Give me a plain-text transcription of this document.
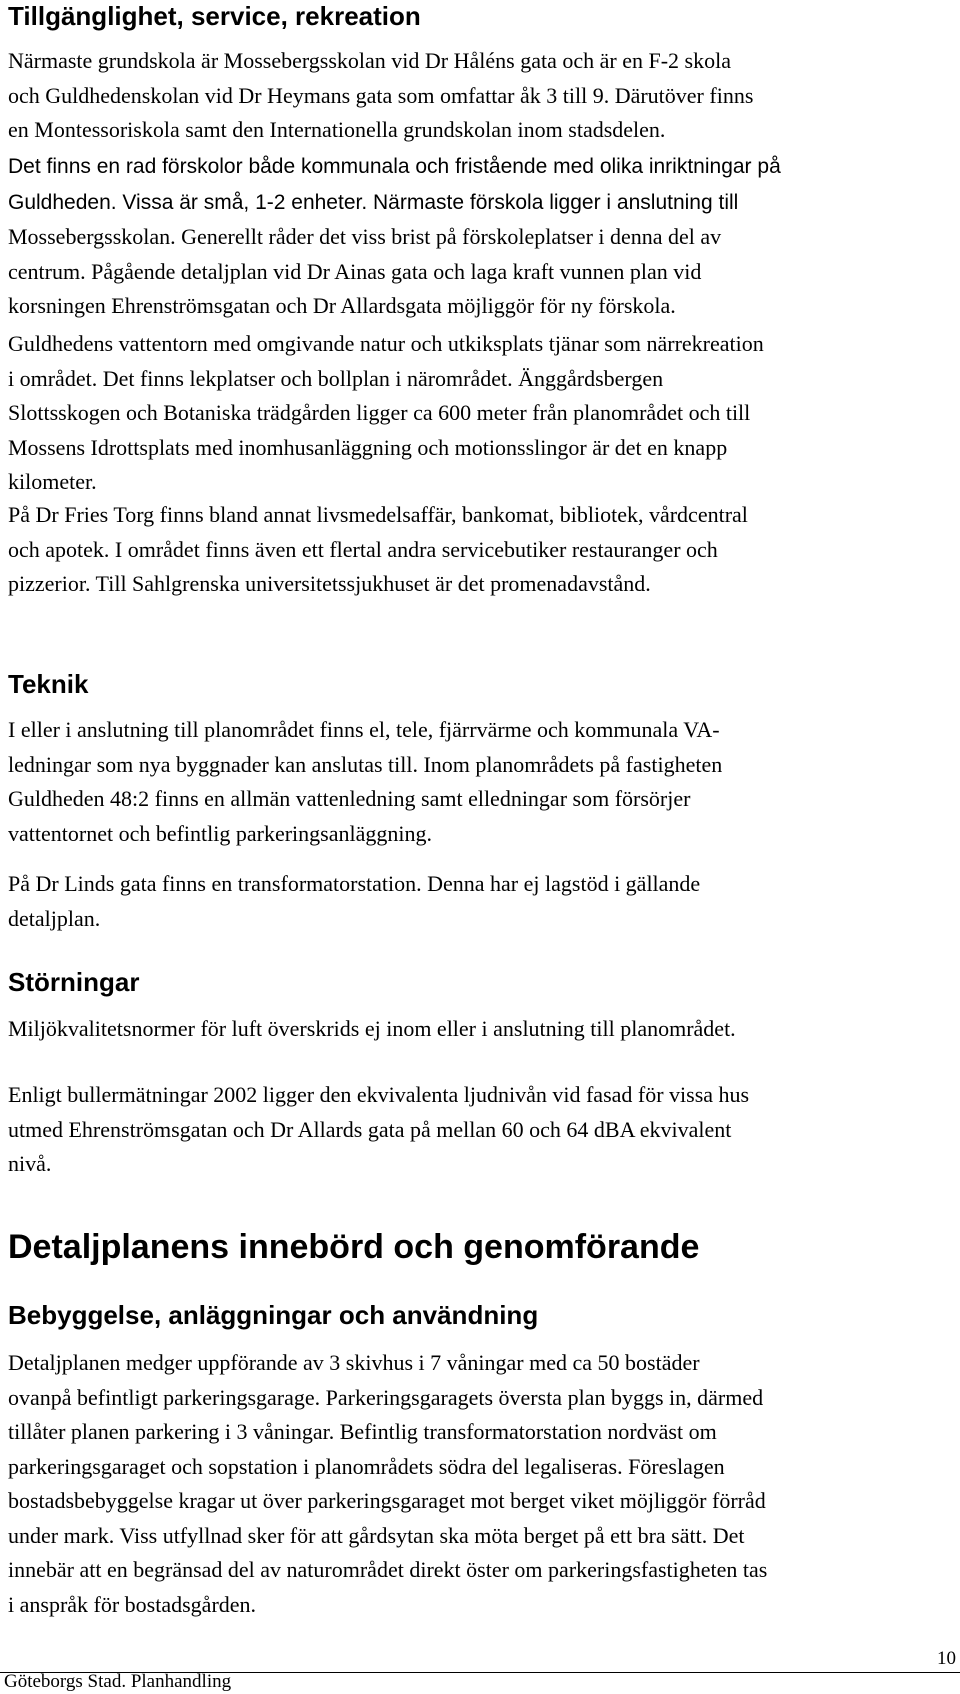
Tillgänglighet, service, rekreation
Närmaste grundskola är Mossebergsskolan vid Dr Håléns gata och är en F-2 skola
och Guldhedenskolan vid Dr Heymans gata som omfattar åk 3 till 9. Därutöver finns
en Montessoriskola samt den Internationella grundskolan inom stadsdelen.
Det finns en rad förskolor både kommunala och fristående med olika inriktningar på
Guldheden. Vissa är små, 1-2 enheter. Närmaste förskola ligger i anslutning till
Mossebergsskolan. Generellt råder det viss brist på förskoleplatser i denna del av
centrum. Pågående detaljplan vid Dr Ainas gata och laga kraft vunnen plan vid
korsningen Ehrenströmsgatan och Dr Allardsgata möjliggör för ny förskola.
Guldhedens vattentorn med omgivande natur och utkiksplats tjänar som närrekreation
i området. Det finns lekplatser och bollplan i närområdet. Änggårdsbergen
Slottsskogen och Botaniska trädgården ligger ca 600 meter från planområdet och till
Mossens Idrottsplats med inomhusanläggning och motionsslingor är det en knapp
kilometer.
På Dr Fries Torg finns bland annat livsmedelsaffär, bankomat, bibliotek, vårdcentral
och apotek. I området finns även ett flertal andra servicebutiker restauranger och
pizzerior. Till Sahlgrenska universitetssjukhuset är det promenadavstånd.
Teknik
I eller i anslutning till planområdet finns el, tele, fjärrvärme och kommunala VA-
ledningar som nya byggnader kan anslutas till. Inom planområdets på fastigheten
Guldheden 48:2 finns en allmän vattenledning samt elledningar som försörjer
vattentornet och befintlig parkeringsanläggning.
På Dr Linds gata finns en transformatorstation. Denna har ej lagstöd i gällande
detaljplan.
Störningar
Miljökvalitetsnormer för luft överskrids ej inom eller i anslutning till planområdet.
Enligt bullermätningar 2002 ligger den ekvivalenta ljudnivån vid fasad för vissa hus
utmed Ehrenströmsgatan och Dr Allards gata på mellan 60 och 64 dBA ekvivalent
nivå.
Detaljplanens innebörd och genomförande
Bebyggelse, anläggningar och användning
Detaljplanen medger uppförande av 3 skivhus i 7 våningar med ca 50 bostäder
ovanpå befintligt parkeringsgarage. Parkeringsgaragets översta plan byggs in, därmed
tillåter planen parkering i 3 våningar. Befintlig transformatorstation nordväst om
parkeringsgaraget och sopstation i planområdets södra del legaliseras. Föreslagen
bostadsbebyggelse kragar ut över parkeringsgaraget mot berget viket möjliggör förråd
under mark. Viss utfyllnad sker för att gårdsytan ska möta berget på ett bra sätt. Det
innebär att en begränsad del av naturområdet direkt öster om parkeringsfastigheten tas
i anspråk för bostadsgården.
10
Göteborgs Stad. Planhandling
